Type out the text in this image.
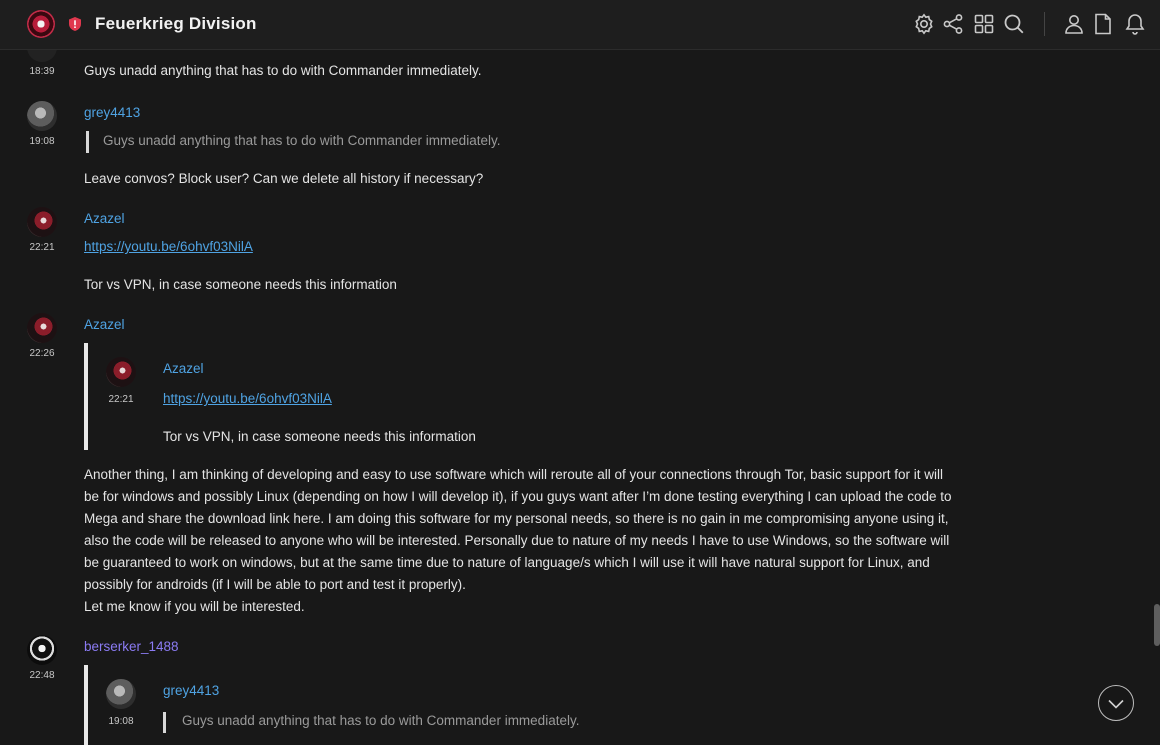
18:39	Guys unadd anything that has to do with Commander immediately.
19:08
grey4413
Guys unadd anything that has to do with Commander immediately.
Leave convos? Block user? Can we delete all history if necessary?
22:21
Azazel
https://youtu.be/6ohvf03NilA
Tor vs VPN, in case someone needs this information
22:26
Azazel
22:21
Azazel
https://youtu.be/6ohvf03NilA
Tor vs VPN, in case someone needs this information
Another thing, I am thinking of developing and easy to use software which will reroute all of your connections through Tor, basic support for it will
be for windows and possibly Linux (depending on how I will develop it), if you guys want after I’m done testing everything I can upload the code to
Mega and share the download link here. I am doing this software for my personal needs, so there is no gain in me compromising anyone using it,
also the code will be released to anyone who will be interested. Personally due to nature of my needs I have to use Windows, so the software will
be guaranteed to work on windows, but at the same time due to nature of language/s which I will use it will have natural support for Linux, and
possibly for androids (if I will be able to port and test it properly).
Let me know if you will be interested.
22:48
berserker_1488
19:08
grey4413
Guys unadd anything that has to do with Commander immediately.
Feuerkrieg Division
